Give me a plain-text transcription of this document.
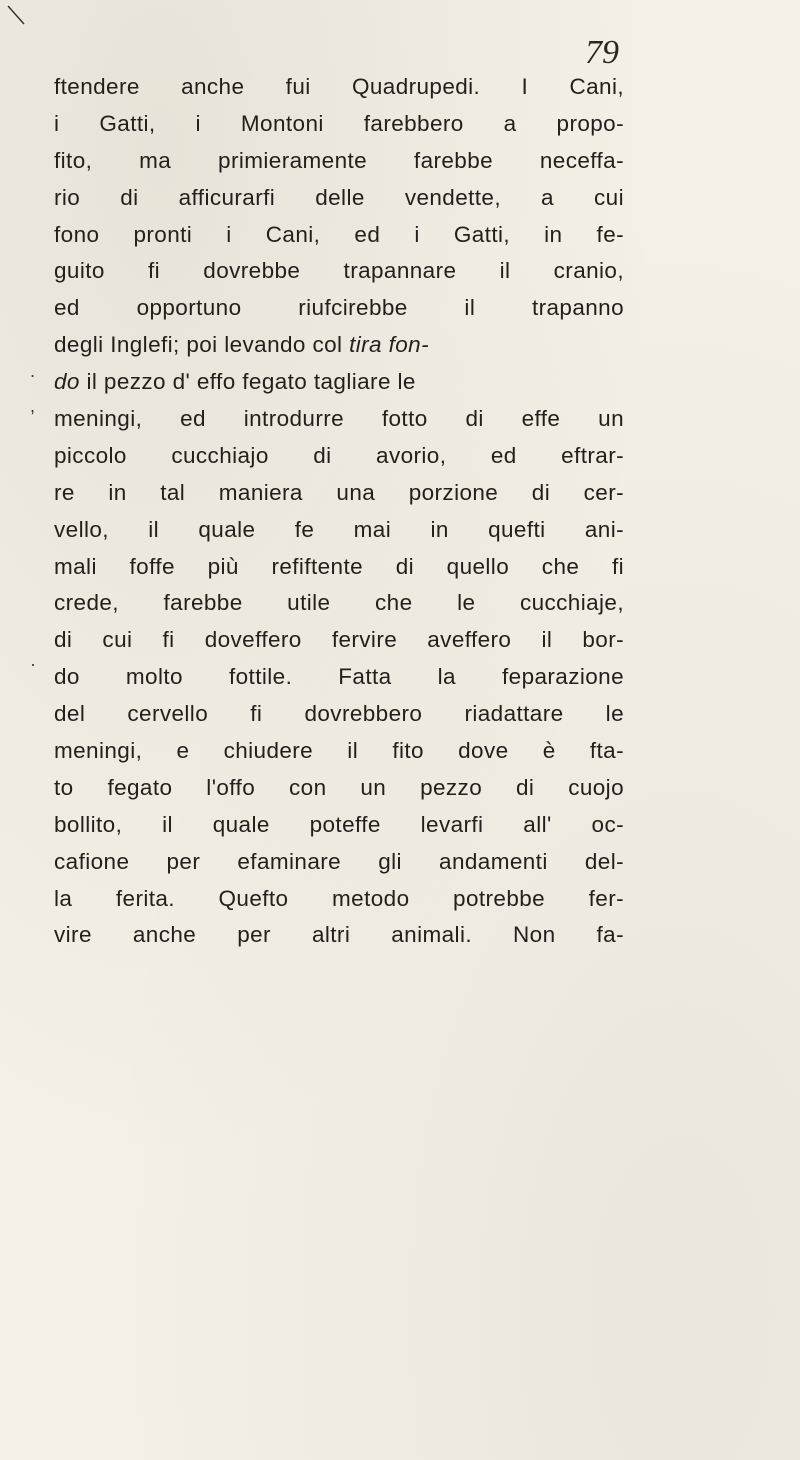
79
ftendere anche fui Quadrupedi. I Cani,
i Gatti, i Montoni farebbero a propo-
fito, ma primieramente farebbe neceffa-
rio di afficurarfi delle vendette, a cui
fono pronti i Cani, ed i Gatti, in fe-
guito fi dovrebbe trapannare il cranio,
ed opportuno riufcirebbe il trapanno
degli Inglefi; poi levando col tira fon-
do il pezzo d' effo fegato tagliare le
meningi, ed introdurre fotto di effe un
piccolo cucchiajo di avorio, ed eftrar-
re in tal maniera una porzione di cer-
vello, il quale fe mai in quefti ani-
mali foffe più refiftente di quello che fi
crede, farebbe utile che le cucchiaje,
di cui fi doveffero fervire aveffero il bor-
do molto fottile. Fatta la feparazione
del cervello fi dovrebbero riadattare le
meningi, e chiudere il fito dove è fta-
to fegato l'offo con un pezzo di cuojo
bollito, il quale poteffe levarfi all' oc-
cafione per efaminare gli andamenti del-
la ferita. Quefto metodo potrebbe fer-
vire anche per altri animali. Non fa-
.
,
·
